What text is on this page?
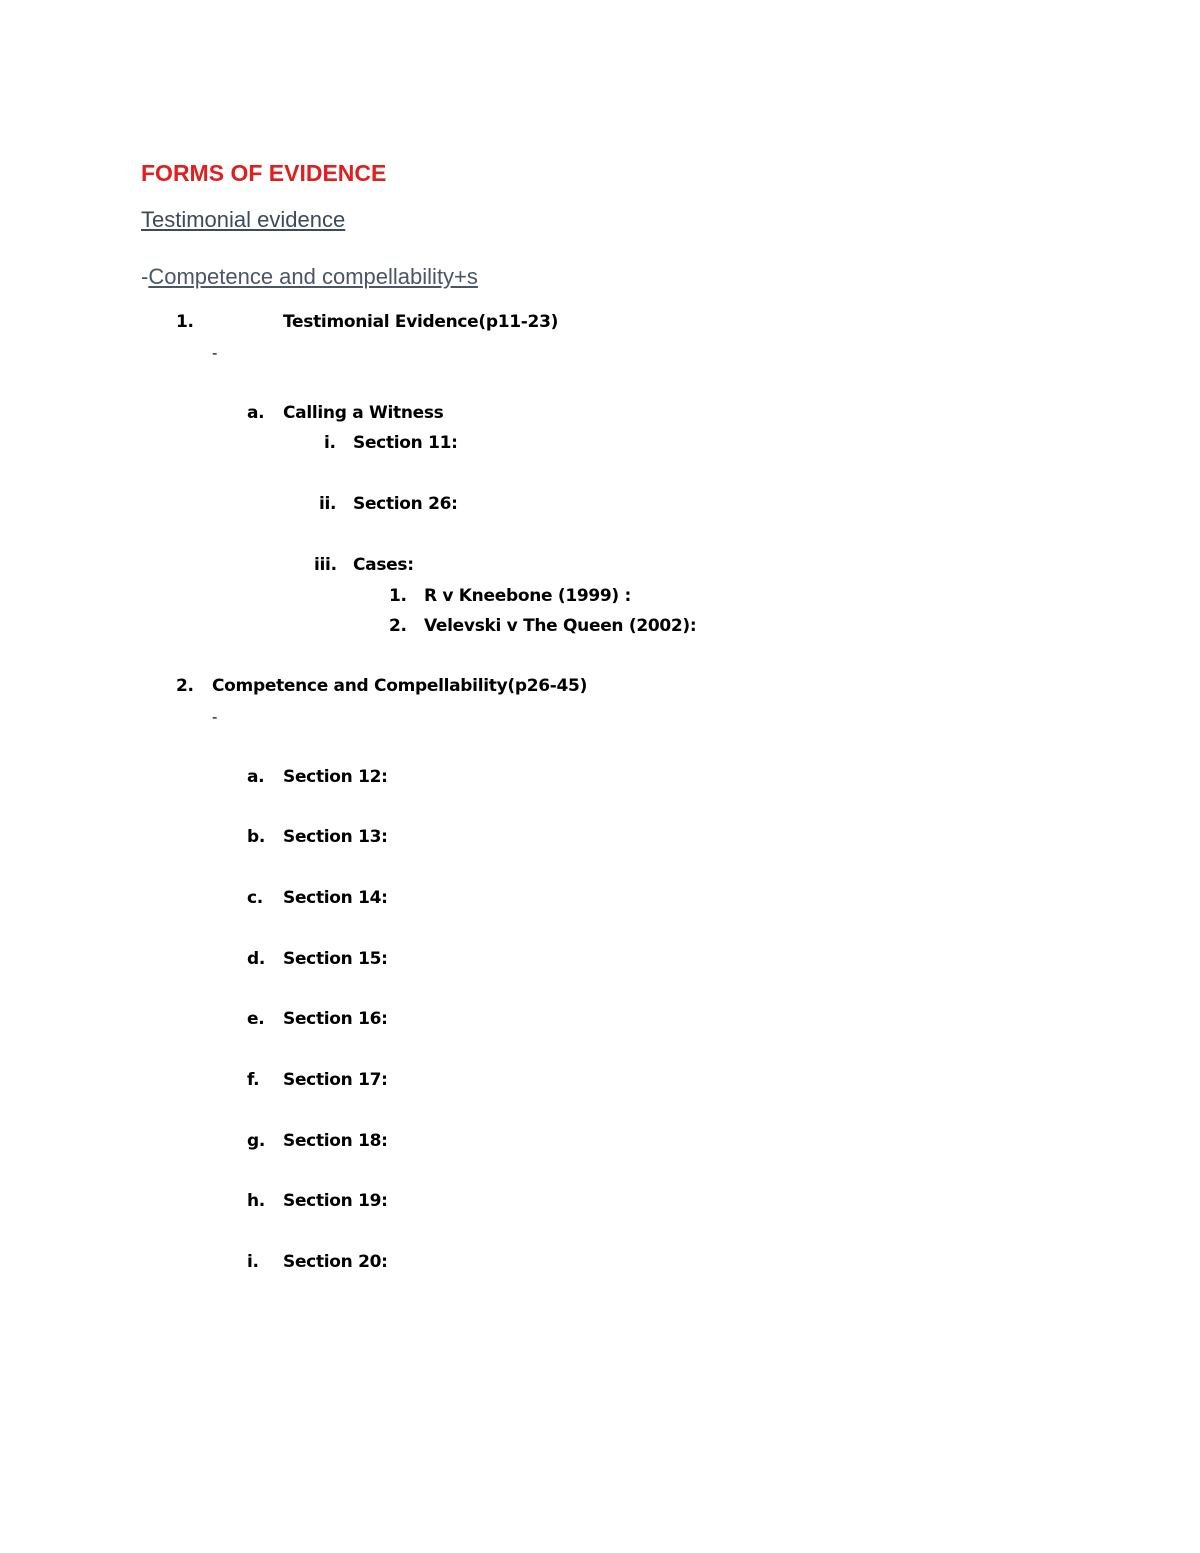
FORMS OF EVIDENCE
Testimonial evidence
-Competence and compellability+s
1.	Testimonial Evidence(p11-23)
-
a. Calling a Witness
i. Section 11:
ii. Section 26:
iii. Cases:
1. R v Kneebone (1999) :
2. Velevski v The Queen (2002):
2. Competence and Compellability(p26-45)
-
a. Section 12:
b. Section 13:
c. Section 14:
d. Section 15:
e. Section 16:
f. Section 17:
g. Section 18:
h. Section 19:
i. Section 20:
